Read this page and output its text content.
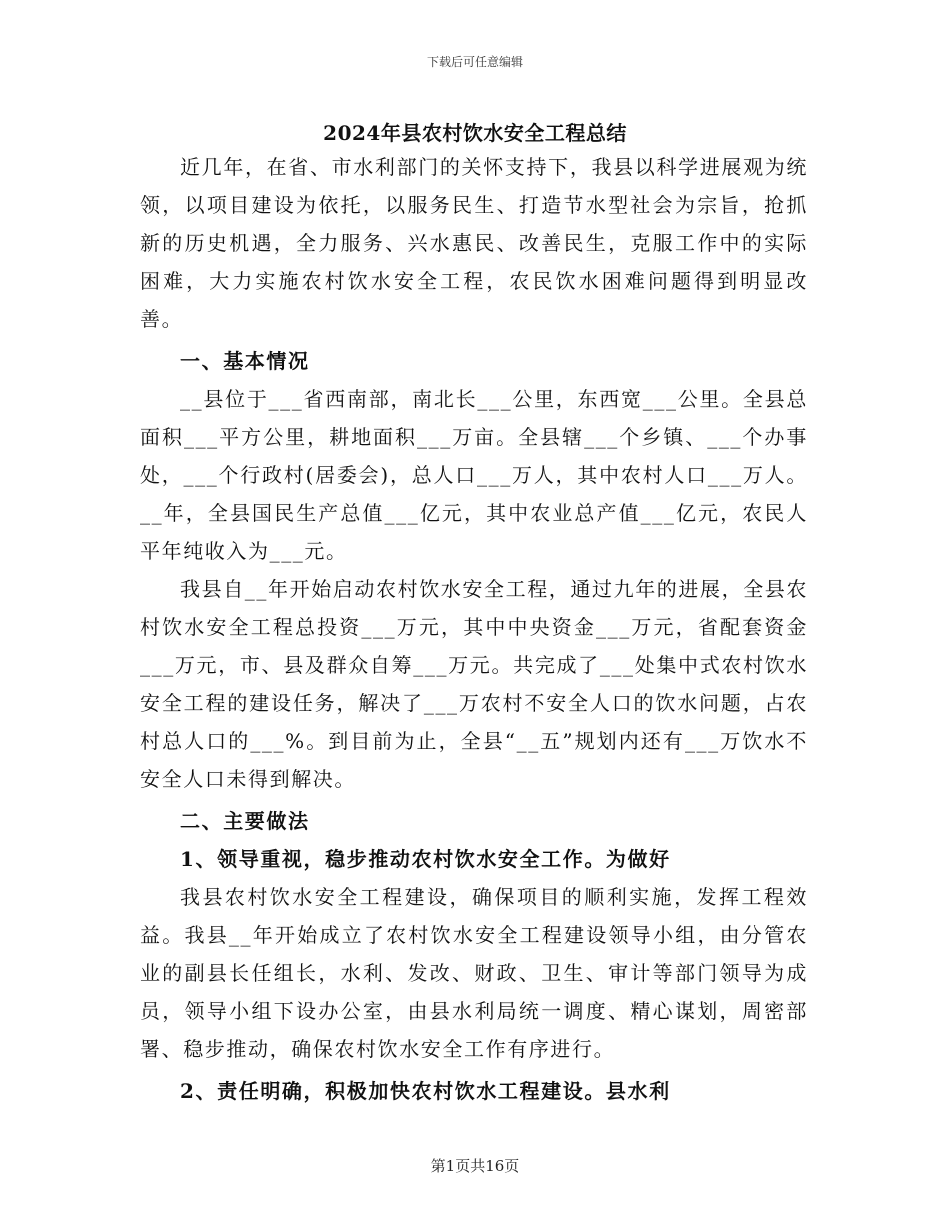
下载后可任意编辑
2024年县农村饮水安全工程总结

近几年，在省、市水利部门的关怀支持下，我县以科学进展观为统领，以项目建设为依托，以服务民生、打造节水型社会为宗旨，抢抓新的历史机遇，全力服务、兴水惠民、改善民生，克服工作中的实际困难，大力实施农村饮水安全工程，农民饮水困难问题得到明显改善。

一、基本情况

__县位于___省西南部，南北长___公里，东西宽___公里。全县总面积___平方公里，耕地面积___万亩。全县辖___个乡镇、___个办事处，___个行政村(居委会)，总人口___万人，其中农村人口___万人。__年，全县国民生产总值___亿元，其中农业总产值___亿元，农民人平年纯收入为___元。

我县自__年开始启动农村饮水安全工程，通过九年的进展，全县农村饮水安全工程总投资___万元，其中中央资金___万元，省配套资金___万元，市、县及群众自筹___万元。共完成了___处集中式农村饮水安全工程的建设任务，解决了___万农村不安全人口的饮水问题，占农村总人口的___%。到目前为止，全县“__五”规划内还有___万饮水不安全人口未得到解决。

二、主要做法

1、领导重视，稳步推动农村饮水安全工作。为做好

我县农村饮水安全工程建设，确保项目的顺利实施，发挥工程效益。我县__年开始成立了农村饮水安全工程建设领导小组，由分管农业的副县长任组长，水利、发改、财政、卫生、审计等部门领导为成员，领导小组下设办公室，由县水利局统一调度、精心谋划，周密部署、稳步推动，确保农村饮水安全工作有序进行。

2、责任明确，积极加快农村饮水工程建设。县水利

第1页共16页
